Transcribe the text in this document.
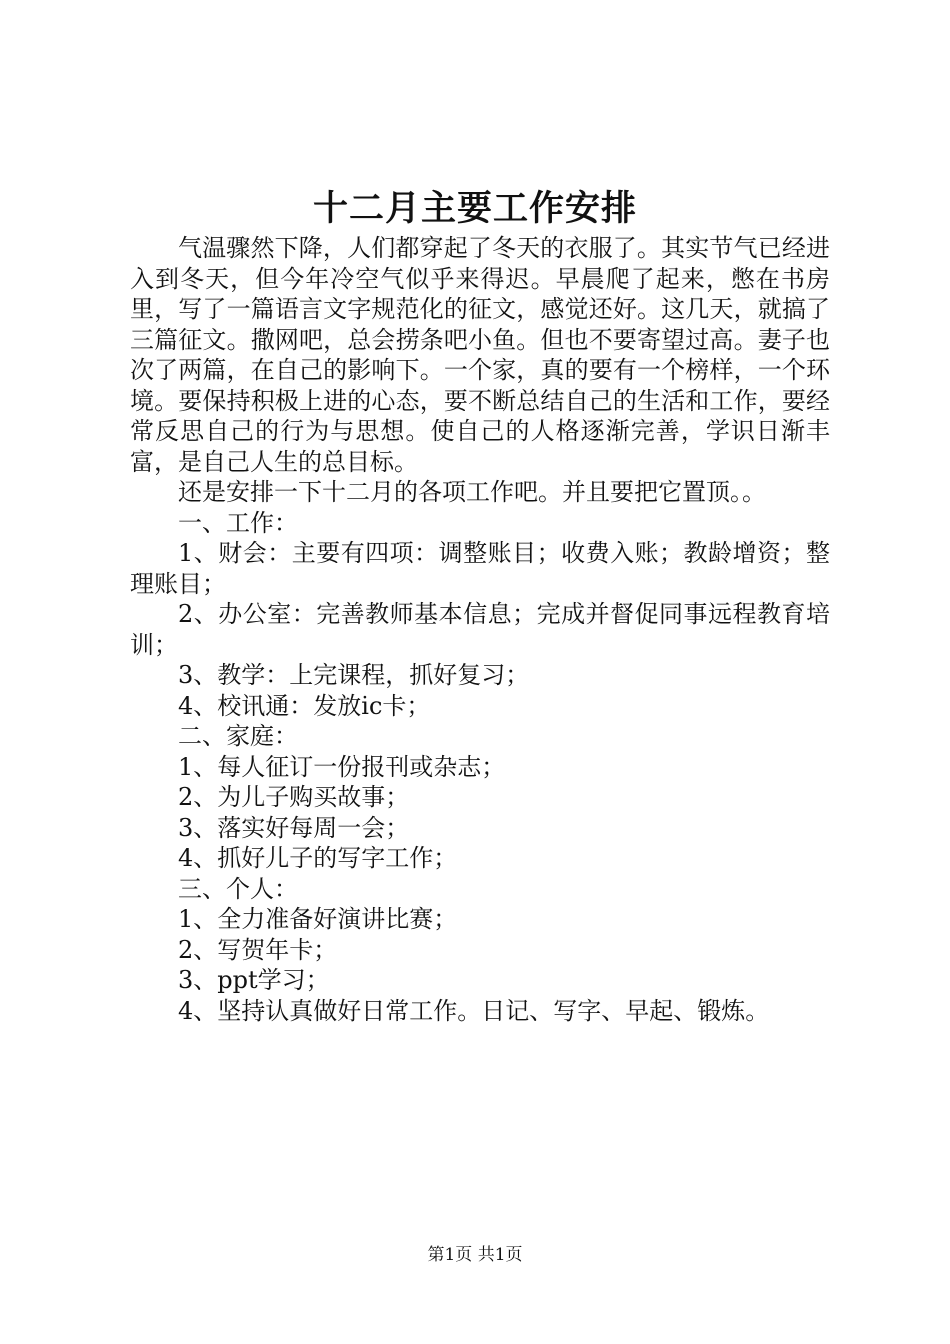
十二月主要工作安排

气温骤然下降，人们都穿起了冬天的衣服了。其实节气已经进入到冬天，但今年冷空气似乎来得迟。早晨爬了起来，憋在书房里，写了一篇语言文字规范化的征文，感觉还好。这几天，就搞了三篇征文。撒网吧，总会捞条吧小鱼。但也不要寄望过高。妻子也次了两篇，在自己的影响下。一个家，真的要有一个榜样，一个环境。要保持积极上进的心态，要不断总结自己的生活和工作，要经常反思自己的行为与思想。使自己的人格逐渐完善，学识日渐丰富，是自己人生的总目标。

还是安排一下十二月的各项工作吧。并且要把它置顶。。

一、工作：

1、财会：主要有四项：调整账目；收费入账；教龄增资；整理账目；

2、办公室：完善教师基本信息；完成并督促同事远程教育培训；

3、教学：上完课程，抓好复习；

4、校讯通：发放ic卡；

二、家庭：

1、每人征订一份报刊或杂志；

2、为儿子购买故事；

3、落实好每周一会；

4、抓好儿子的写字工作；

三、个人：

1、全力准备好演讲比赛；

2、写贺年卡；

3、ppt学习；

4、坚持认真做好日常工作。日记、写字、早起、锻炼。

第1页 共1页
